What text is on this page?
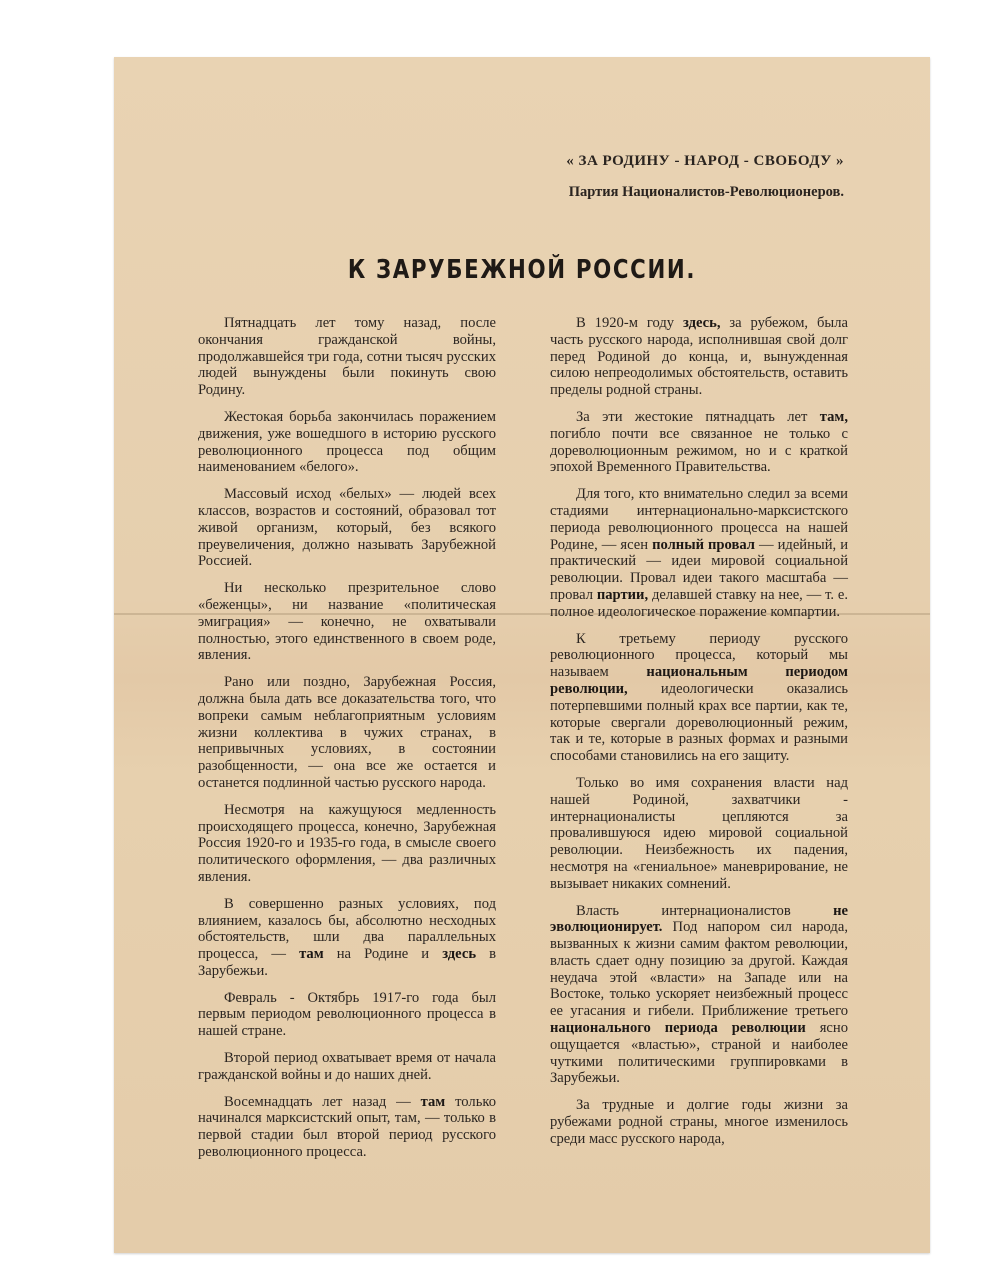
« ЗА РОДИНУ - НАРОД - СВОБОДУ »
Партия Националистов-Революционеров.
К ЗАРУБЕЖНОЙ РОССИИ.

Пятнадцать лет тому назад, после окончания гражданской войны, продолжавшейся три года, сотни тысяч русских людей вынуждены были покинуть свою Родину.

Жестокая борьба закончилась поражением движения, уже вошедшого в историю русского революционного процесса под общим наименованием «белого».

Массовый исход «белых» — людей всех классов, возрастов и состояний, образовал тот живой организм, который, без всякого преувеличения, должно называть Зарубежной Россией.

Ни несколько презрительное слово «беженцы», ни название «политическая эмиграция» — конечно, не охватывали полностью, этого единственного в своем роде, явления.

Рано или поздно, Зарубежная Россия, должна была дать все доказательства того, что вопреки самым неблагоприятным условиям жизни коллектива в чужих странах, в непривычных условиях, в состоянии разобщенности, — она все же остается и останется подлинной частью русского народа.

Несмотря на кажущуюся медленность происходящего процесса, конечно, Зарубежная Россия 1920-го и 1935-го года, в смысле своего политического оформления, — два различных явления.

В совершенно разных условиях, под влиянием, казалось бы, абсолютно несходных обстоятельств, шли два параллельных процесса, — там на Родине и здесь в Зарубежьи.

Февраль - Октябрь 1917-го года был первым периодом революционного процесса в нашей стране.

Второй период охватывает время от начала гражданской войны и до наших дней.

Восемнадцать лет назад — там только начинался марксистский опыт, там, — только в первой стадии был второй период русского революционного процесса.

В 1920-м году здесь, за рубежом, была часть русского народа, исполнившая свой долг перед Родиной до конца, и, вынужденная силою непреодолимых обстоятельств, оставить пределы родной страны.

За эти жестокие пятнадцать лет там, погибло почти все связанное не только с дореволюционным режимом, но и с краткой эпохой Временного Правительства.

Для того, кто внимательно следил за всеми стадиями интернационально-марксистского периода революционного процесса на нашей Родине, — ясен полный провал — идейный, и практический — идеи мировой социальной революции. Провал идеи такого масштаба — провал партии, делавшей ставку на нее, — т. е. полное идеологическое поражение компартии.

К третьему периоду русского революционного процесса, который мы называем	национальным периодом революции, идеологически оказались потерпевшими полный крах все партии, как те, которые свергали дореволюционный режим, так и те, которые в разных формах и разными способами становились на его защиту.

Только во имя сохранения власти над нашей Родиной, захватчики - интернационалисты цепляются за провалившуюся идею мировой социальной революции. Неизбежность их падения, несмотря на «гениальное» маневрирование, не вызывает никаких сомнений.

Власть интернационалистов	не эволюционирует. Под напором сил народа, вызванных к жизни самим фактом революции, власть сдает одну позицию за другой. Каждая неудача этой «власти» на Западе или на Востоке, только ускоряет неизбежный процесс ее угасания и гибели. Приближение третьего национального периода революции ясно ощущается «властью», страной и наиболее чуткими политическими группировками в Зарубежьи.

За трудные и долгие годы жизни за рубежами родной страны, многое изменилось среди масс русского народа,
